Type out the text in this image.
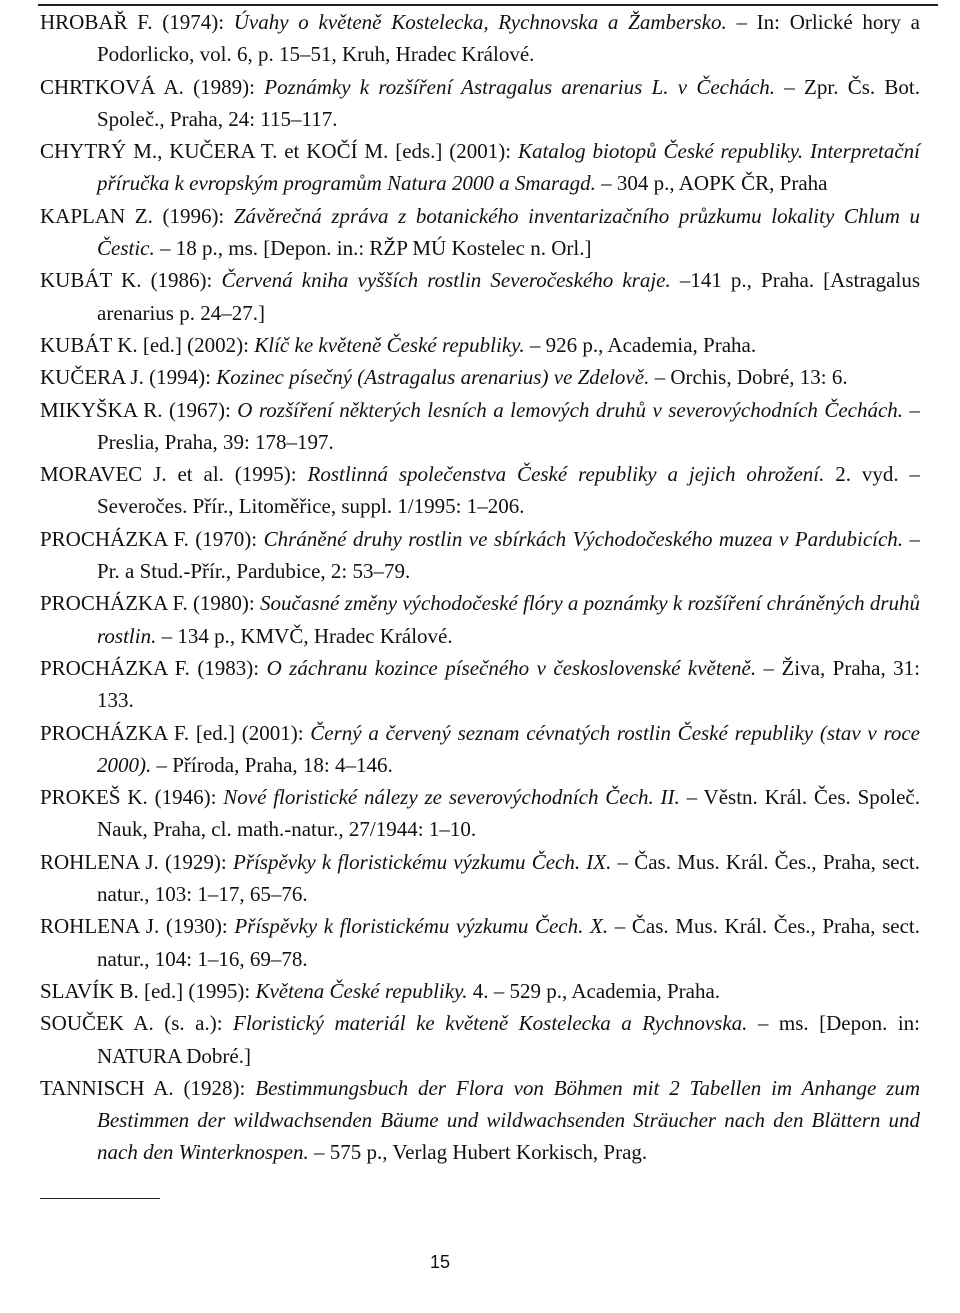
HROBAŘ F. (1974): Úvahy o květeně Kostelecka, Rychnovska a Žambersko. – In: Orlické hory a Podorlicko, vol. 6, p. 15–51, Kruh, Hradec Králové.
CHRTKOVÁ A. (1989): Poznámky k rozšíření Astragalus arenarius L. v Čechách. – Zpr. Čs. Bot. Společ., Praha, 24: 115–117.
CHYTRÝ M., KUČERA T. et KOČÍ M. [eds.] (2001): Katalog biotopů České republiky. Interpretační příručka k evropským programům Natura 2000 a Smaragd. – 304 p., AOPK ČR, Praha
KAPLAN Z. (1996): Závěrečná zpráva z botanického inventarizačního průzkumu lokality Chlum u Čestic. – 18 p., ms. [Depon. in.: RŽP MÚ Kostelec n. Orl.]
KUBÁT K. (1986): Červená kniha vyšších rostlin Severočeského kraje. –141 p., Praha. [Astragalus arenarius p. 24–27.]
KUBÁT K. [ed.] (2002): Klíč ke květeně České republiky. – 926 p., Academia, Praha.
KUČERA J. (1994): Kozinec písečný (Astragalus arenarius) ve Zdelově. – Orchis, Dobré, 13: 6.
MIKYŠKA R. (1967): O rozšíření některých lesních a lemových druhů v severovýchodních Čechách. – Preslia, Praha, 39: 178–197.
MORAVEC J. et al. (1995): Rostlinná společenstva České republiky a jejich ohrožení. 2. vyd. – Severočes. Přír., Litoměřice, suppl. 1/1995: 1–206.
PROCHÁZKA F. (1970): Chráněné druhy rostlin ve sbírkách Východočeského muzea v Pardubicích. – Pr. a Stud.-Přír., Pardubice, 2: 53–79.
PROCHÁZKA F. (1980): Současné změny východočeské flóry a poznámky k rozšíření chráněných druhů rostlin. – 134 p., KMVČ, Hradec Králové.
PROCHÁZKA F. (1983): O záchranu kozince písečného v československé květeně. – Živa, Praha, 31: 133.
PROCHÁZKA F. [ed.] (2001): Černý a červený seznam cévnatých rostlin České republiky (stav v roce 2000). – Příroda, Praha, 18: 4–146.
PROKEŠ K. (1946): Nové floristické nálezy ze severovýchodních Čech. II. – Věstn. Král. Čes. Společ. Nauk, Praha, cl. math.-natur., 27/1944: 1–10.
ROHLENA J. (1929): Příspěvky k floristickému výzkumu Čech. IX. – Čas. Mus. Král. Čes., Praha, sect. natur., 103: 1–17, 65–76.
ROHLENA J. (1930): Příspěvky k floristickému výzkumu Čech. X. – Čas. Mus. Král. Čes., Praha, sect. natur., 104: 1–16, 69–78.
SLAVÍK B. [ed.] (1995): Květena České republiky. 4. – 529 p., Academia, Praha.
SOUČEK A. (s. a.): Floristický materiál ke květeně Kostelecka a Rychnovska. – ms. [Depon. in: NATURA Dobré.]
TANNISCH A. (1928): Bestimmungsbuch der Flora von Böhmen mit 2 Tabellen im Anhange zum Bestimmen der wildwachsenden Bäume und wildwachsenden Sträucher nach den Blättern und nach den Winterknospen. – 575 p., Verlag Hubert Korkisch, Prag.
15
